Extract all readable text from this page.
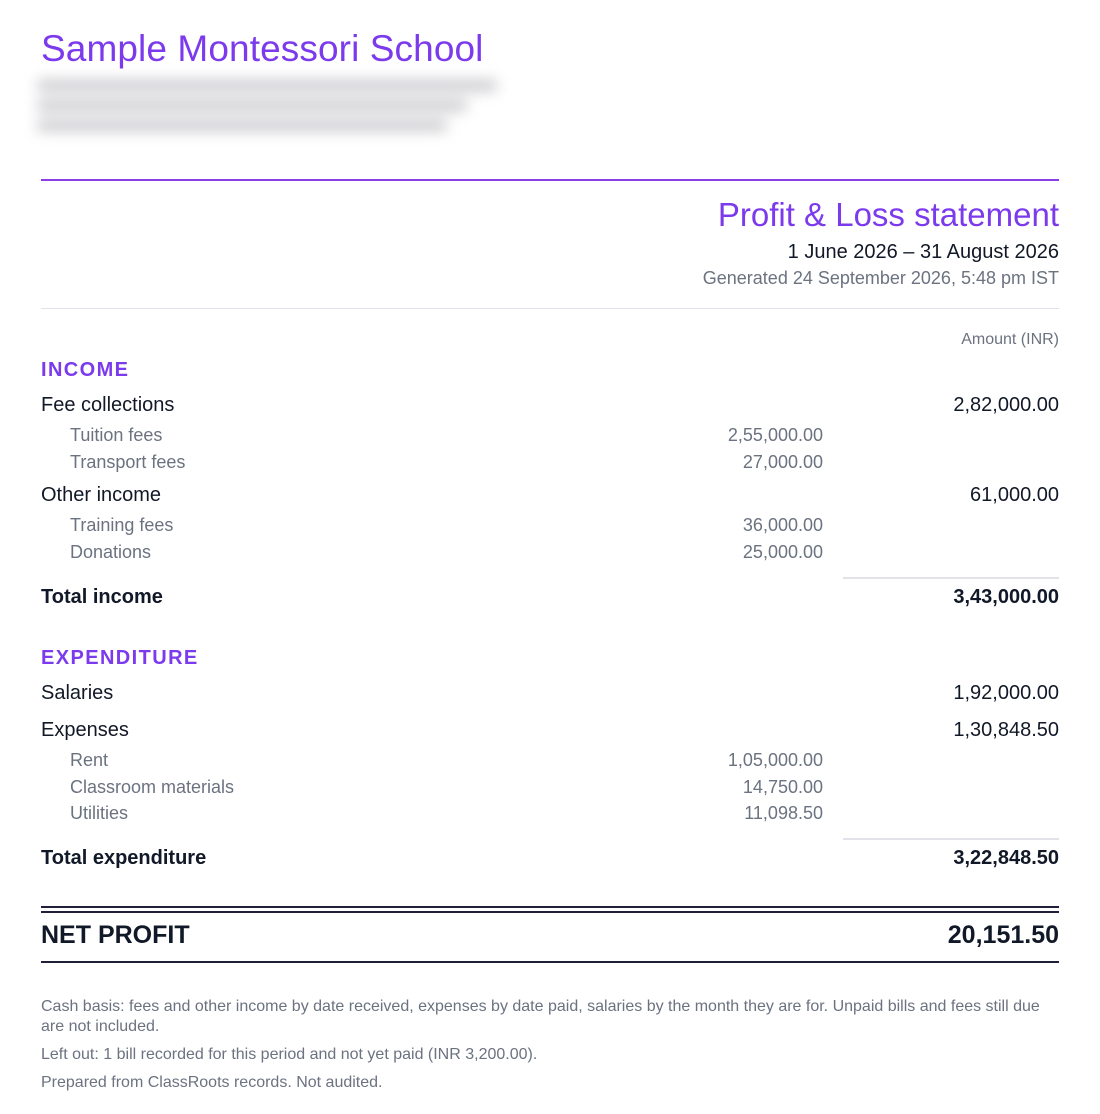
Sample Montessori School
Profit & Loss statement
1 June 2026 – 31 August 2026
Generated 24 September 2026, 5:48 pm IST
Amount (INR)
INCOME
Fee collections	2,82,000.00
Tuition fees	2,55,000.00
Transport fees	27,000.00
Other income	61,000.00
Training fees	36,000.00
Donations	25,000.00
Total income	3,43,000.00
EXPENDITURE
Salaries	1,92,000.00
Expenses	1,30,848.50
Rent	1,05,000.00
Classroom materials	14,750.00
Utilities	11,098.50
Total expenditure	3,22,848.50
NET PROFIT	20,151.50
Cash basis: fees and other income by date received, expenses by date paid, salaries by the month they are for. Unpaid bills and fees still due are not included.
Left out: 1 bill recorded for this period and not yet paid (INR 3,200.00).
Prepared from ClassRoots records. Not audited.
